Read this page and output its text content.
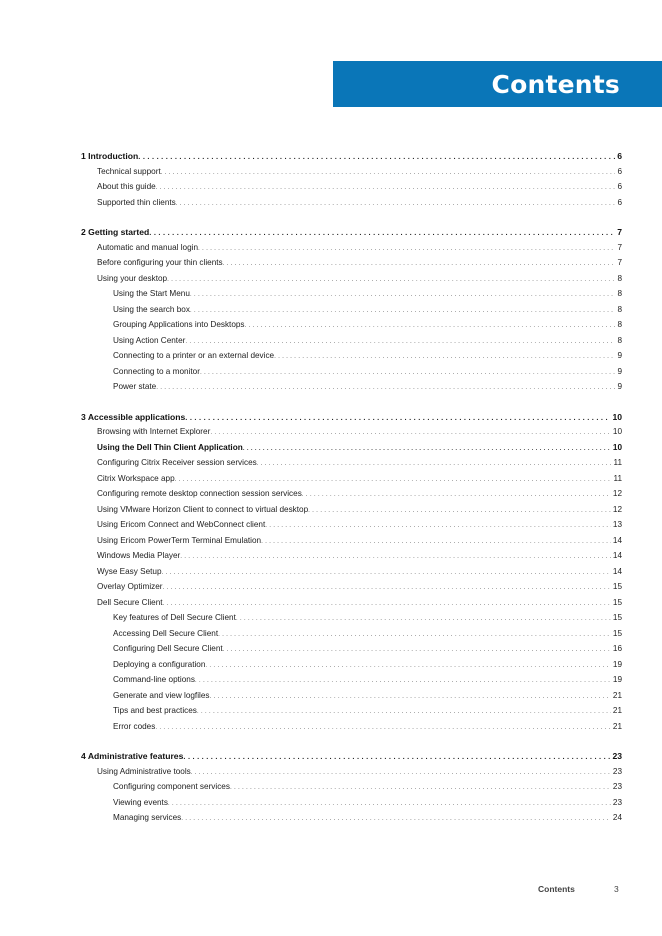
Contents
1 Introduction . . .	6
Technical support . . .	6
About this guide . . .	6
Supported thin clients . . .	6
2 Getting started . . .	7
Automatic and manual login . . .	7
Before configuring your thin clients . . .	7
Using your desktop . . .	8
Using the Start Menu . . .	8
Using the search box . . .	8
Grouping Applications into Desktops . . .	8
Using Action Center . . .	8
Connecting to a printer or an external device . . .	9
Connecting to a monitor . . .	9
Power state . . .	9
3 Accessible applications . . .	10
Browsing with Internet Explorer . . .	10
Using the Dell Thin Client Application . . .	10
Configuring Citrix Receiver session services . . .	11
Citrix Workspace app . . .	11
Configuring remote desktop connection session services . . .	12
Using VMware Horizon Client to connect to virtual desktop . . .	12
Using Ericom Connect and WebConnect client . . .	13
Using Ericom PowerTerm Terminal Emulation . . .	14
Windows Media Player . . .	14
Wyse Easy Setup . . .	14
Overlay Optimizer . . .	15
Dell Secure Client . . .	15
Key features of Dell Secure Client . . .	15
Accessing Dell Secure Client . . .	15
Configuring Dell Secure Client . . .	16
Deploying a configuration . . .	19
Command-line options . . .	19
Generate and view logfiles . . .	21
Tips and best practices . . .	21
Error codes . . .	21
4 Administrative features . . .	23
Using Administrative tools . . .	23
Configuring component services . . .	23
Viewing events . . .	23
Managing services . . .	24
Contents	3
